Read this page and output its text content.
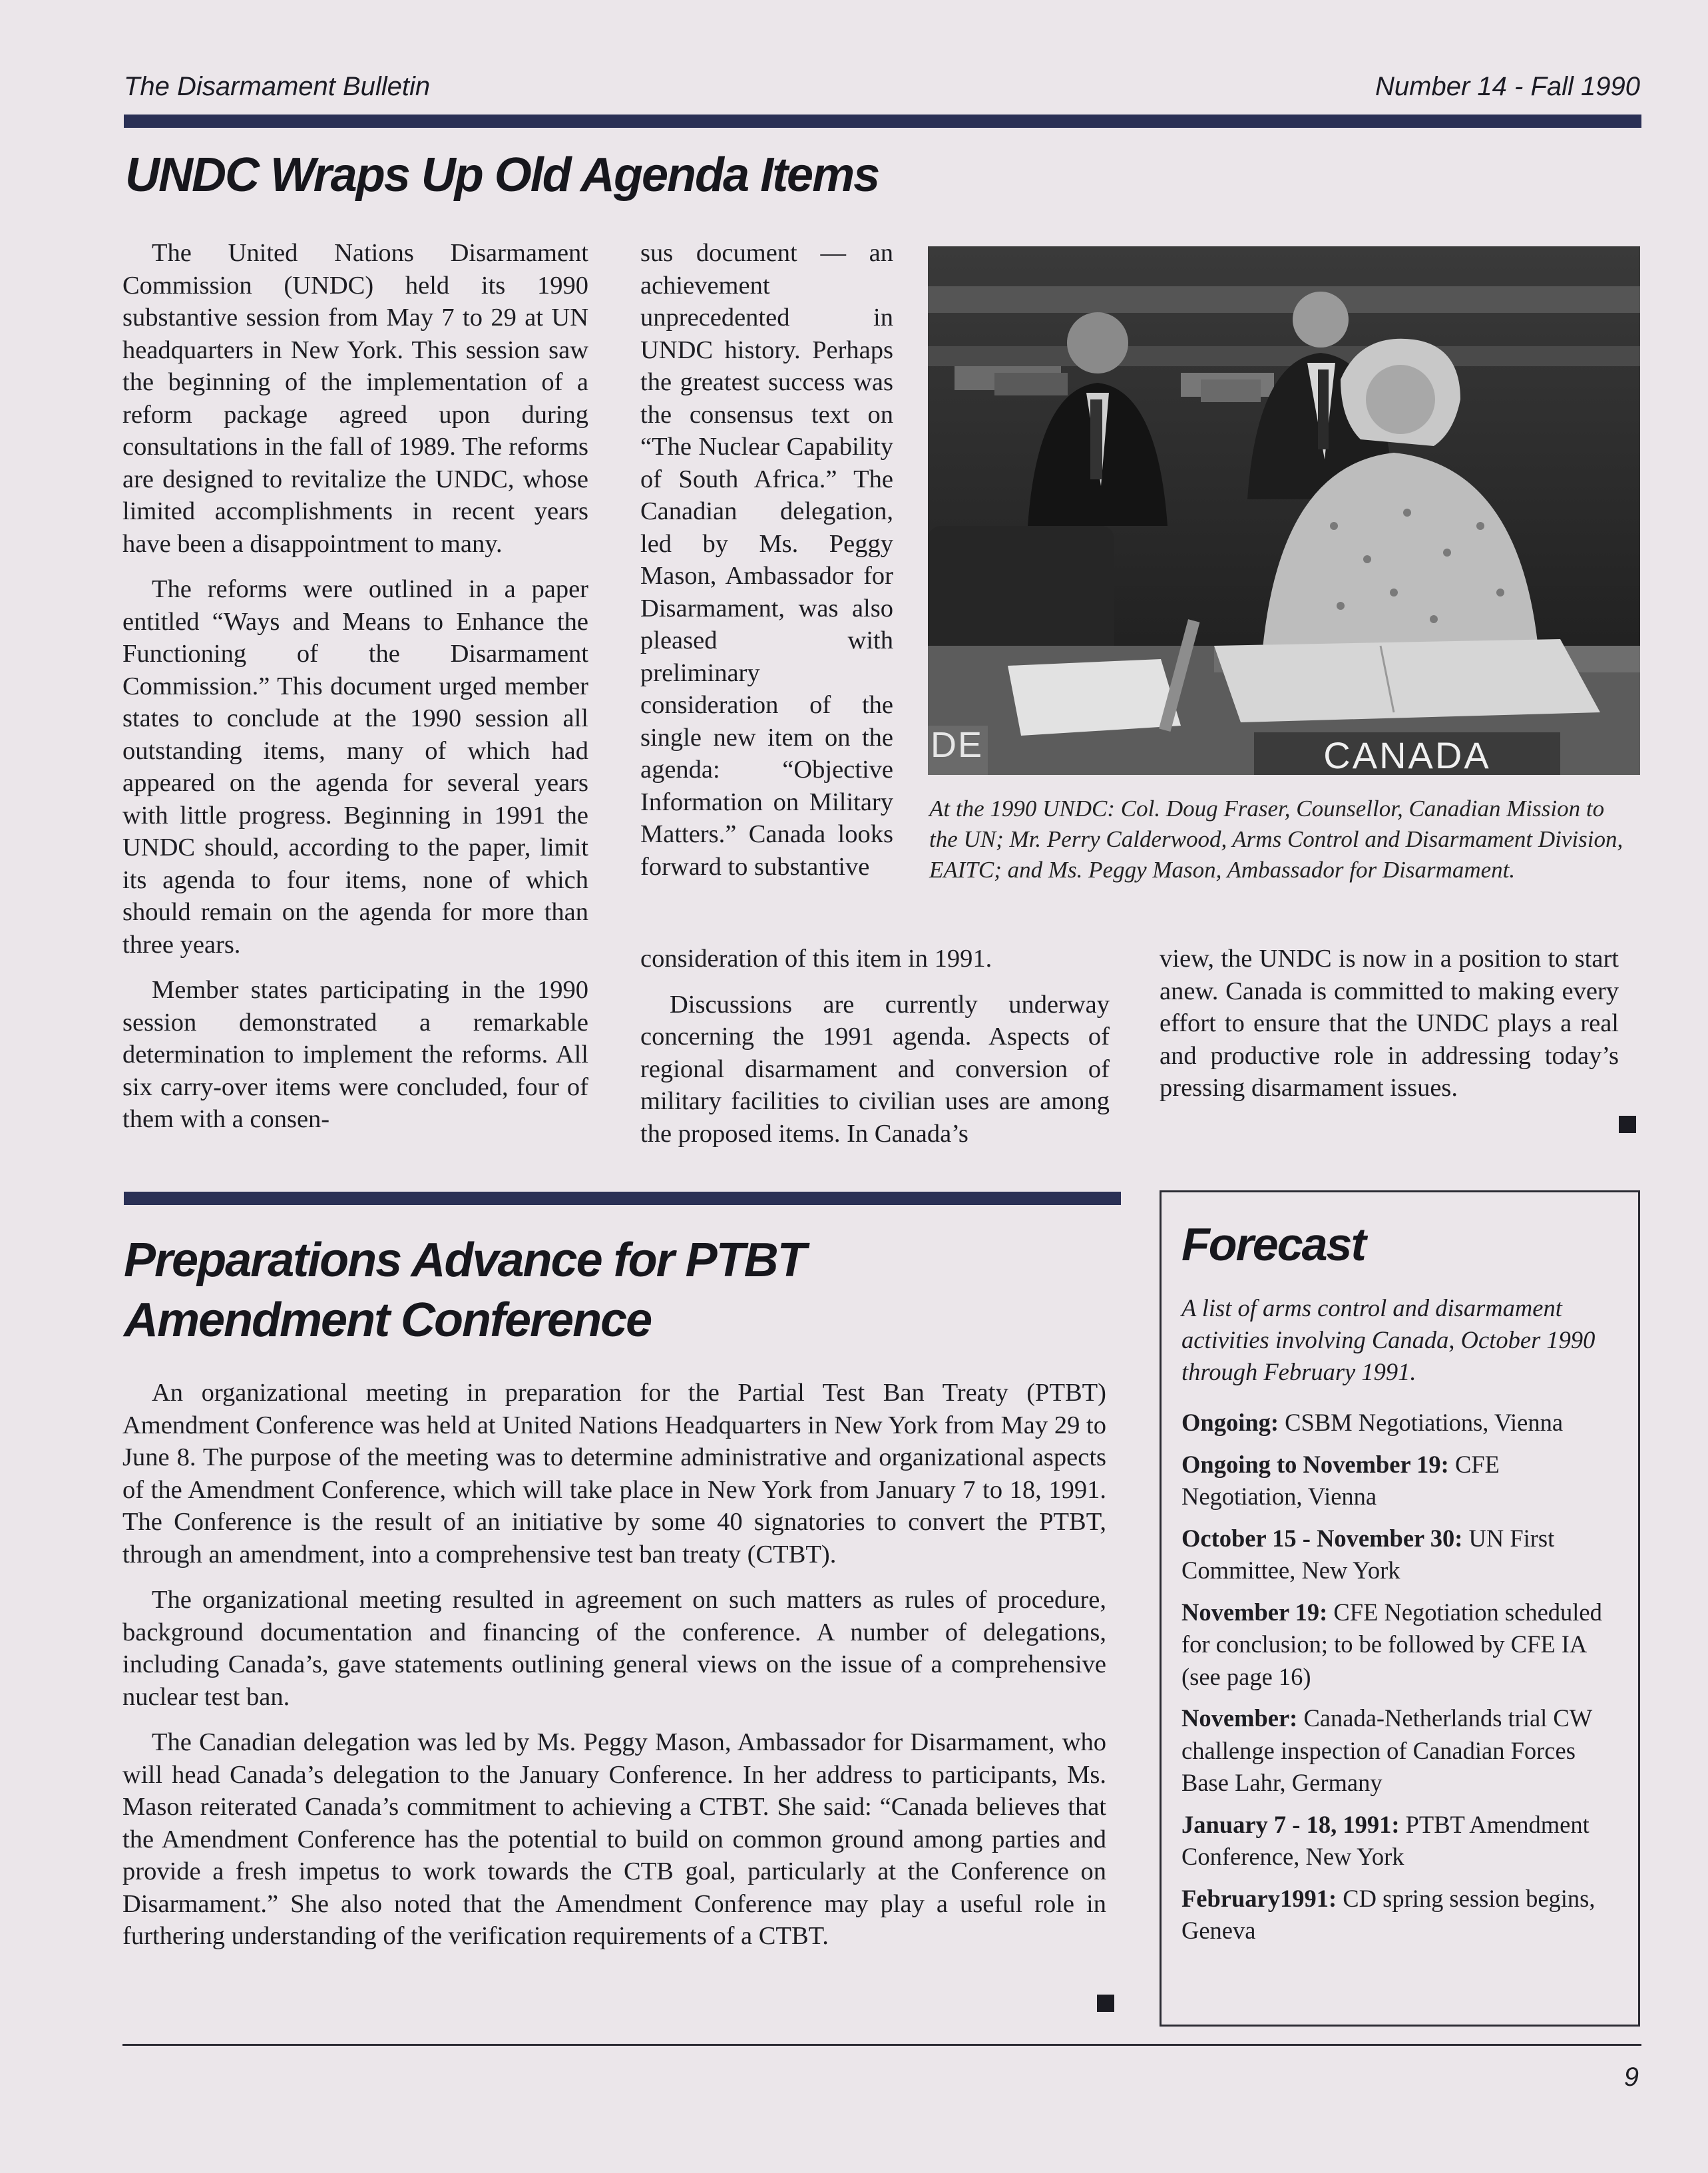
The Disarmament Bulletin	Number 14 - Fall 1990
UNDC Wraps Up Old Agenda Items

The United Nations Disarmament Commission (UNDC) held its 1990 substantive session from May 7 to 29 at UN headquarters in New York. This session saw the beginning of the implementation of a reform package agreed upon during consultations in the fall of 1989. The reforms are designed to revitalize the UNDC, whose limited accomplishments in recent years have been a disappointment to many.

The reforms were outlined in a paper entitled “Ways and Means to Enhance the Functioning of the Disarmament Commission.” This document urged member states to conclude at the 1990 session all outstanding items, many of which had appeared on the agenda for several years with little progress. Beginning in 1991 the UNDC should, according to the paper, limit its agenda to four items, none of which should remain on the agenda for more than three years.

Member states participating in the 1990 session demonstrated a remarkable determination to implement the reforms. All six carry-over items were concluded, four of them with a consen-

sus document — an achievement unprecedented in UNDC history. Perhaps the greatest success was the consensus text on “The Nuclear Capability of South Africa.” The Canadian delegation, led by Ms. Peggy Mason, Ambassador for Disarmament, was also pleased with preliminary consideration of the single new item on the agenda: “Objective Information on Military Matters.” Canada looks forward to substantive

consideration of this item in 1991.

Discussions are currently underway concerning the 1991 agenda. Aspects of regional disarmament and conversion of military facilities to civilian uses are among the proposed items. In Canada’s

view, the UNDC is now in a position to start anew. Canada is committed to making every effort to ensure that the UNDC plays a real and productive role in addressing today’s pressing disarmament issues.

DE	CANADA
At the 1990 UNDC: Col. Doug Fraser, Counsellor, Canadian Mission to the UN; Mr. Perry Calderwood, Arms Control and Disarmament Division, EAITC; and Ms. Peggy Mason, Ambassador for Disarmament.
Preparations Advance for PTBT
Amendment Conference

An organizational meeting in preparation for the Partial Test Ban Treaty (PTBT) Amendment Conference was held at United Nations Headquarters in New York from May 29 to June 8. The purpose of the meeting was to determine administrative and organizational aspects of the Amendment Conference, which will take place in New York from January 7 to 18, 1991. The Conference is the result of an initiative by some 40 signatories to convert the PTBT, through an amendment, into a comprehensive test ban treaty (CTBT).

The organizational meeting resulted in agreement on such matters as rules of procedure, background documentation and financing of the conference. A number of delegations, including Canada’s, gave statements outlining general views on the issue of a comprehensive nuclear test ban.

The Canadian delegation was led by Ms. Peggy Mason, Ambassador for Disarmament, who will head Canada’s delegation to the January Conference. In her address to participants, Ms. Mason reiterated Canada’s commitment to achieving a CTBT. She said: “Canada believes that the Amendment Conference has the potential to build on common ground among parties and provide a fresh impetus to work towards the CTB goal, particularly at the Conference on Disarmament.” She also noted that the Amendment Conference may play a useful role in furthering understanding of the verification requirements of a CTBT.

Forecast
A list of arms control and disarmament activities involving Canada, October 1990 through February 1991.
Ongoing: CSBM Negotiations, Vienna
Ongoing to November 19: CFE Negotiation, Vienna
October 15 - November 30: UN First Committee, New York
November 19: CFE Negotiation scheduled for conclusion; to be followed by CFE IA (see page 16)
November: Canada-Netherlands trial CW challenge inspection of Canadian Forces Base Lahr, Germany
January 7 - 18, 1991: PTBT Amendment Conference, New York
February1991: CD spring session begins, Geneva
9
